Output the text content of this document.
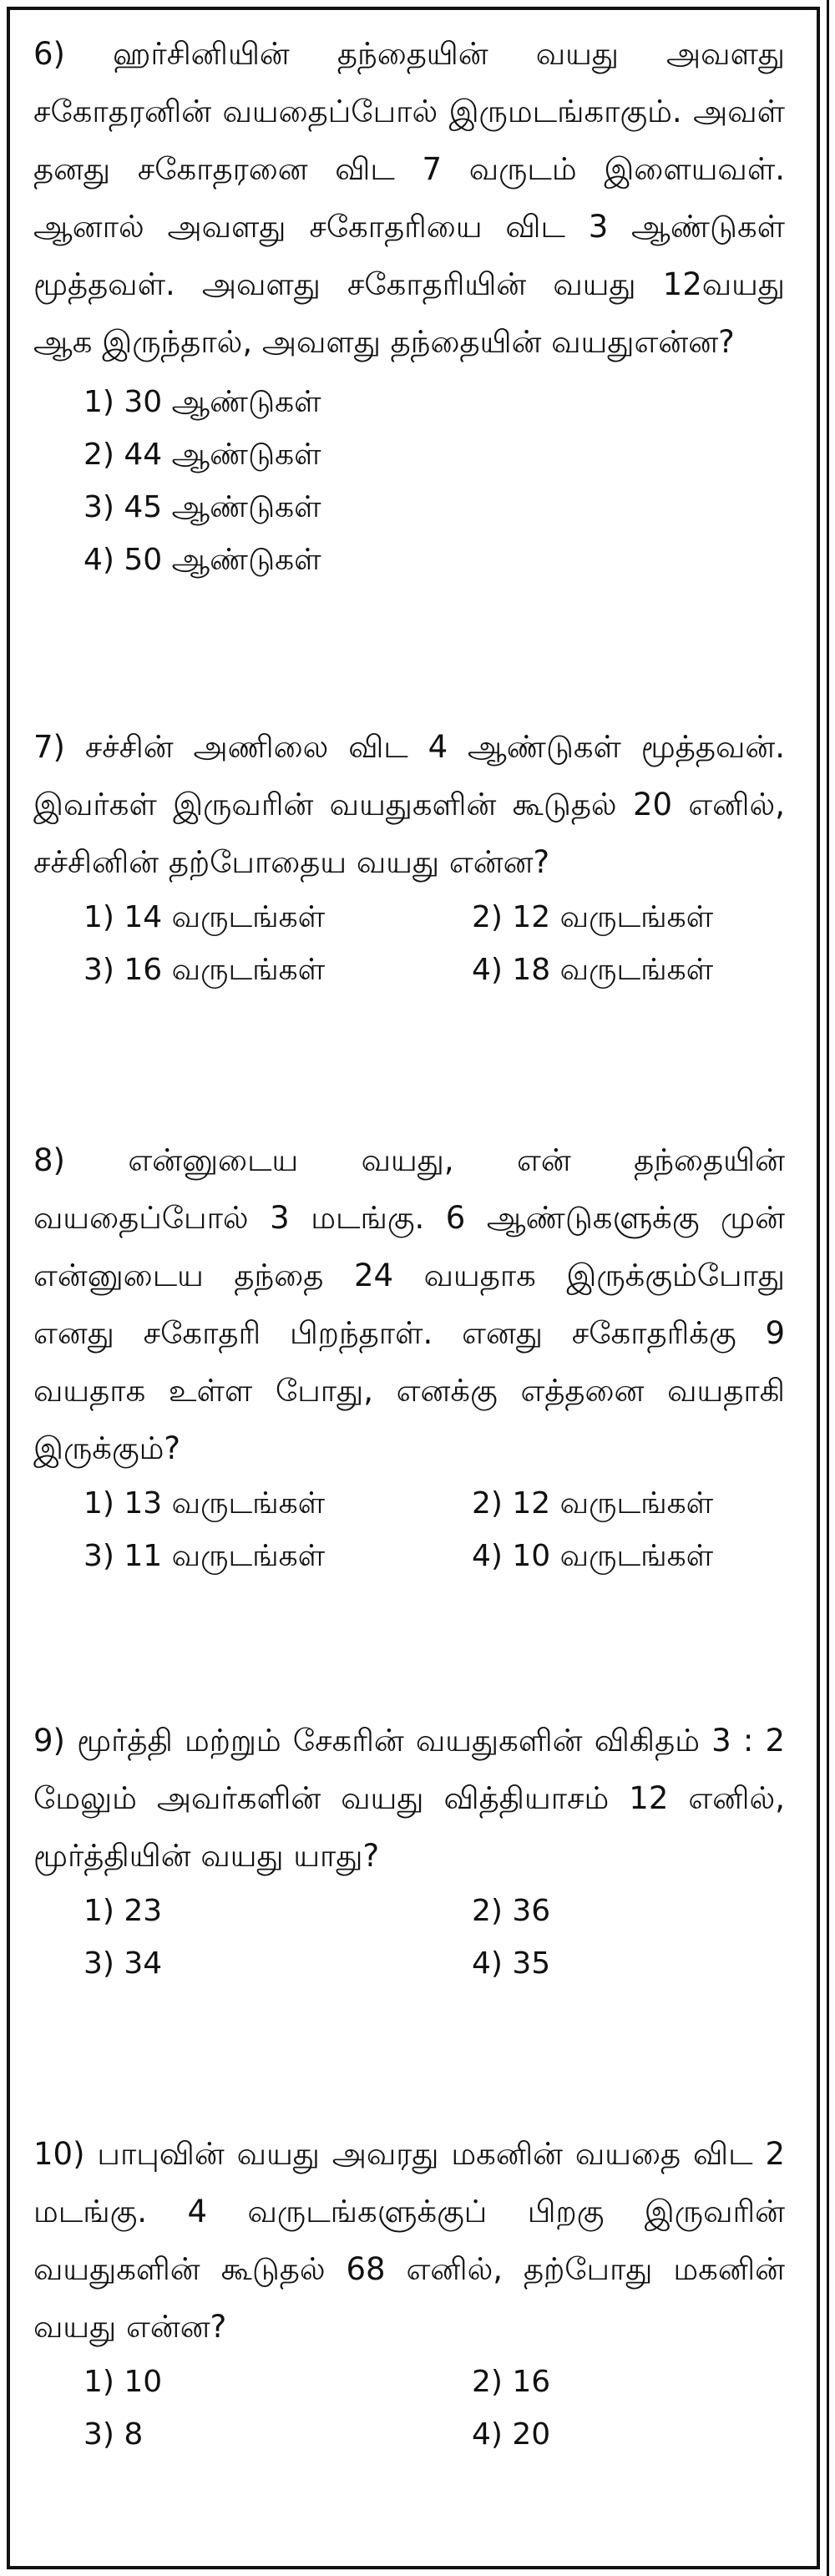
6) ஹர்சினியின் தந்தையின் வயது அவளது சகோதரனின் வயதைப்போல் இருமடங்காகும். அவள் தனது சகோதரனை விட 7 வருடம் இளையவள். ஆனால் அவளது சகோதரியை விட 3 ஆண்டுகள் மூத்தவள். அவளது சகோதரியின் வயது 12வயது ஆக இருந்தால், அவளது தந்தையின் வயதுஎன்ன?

1) 30 ஆண்டுகள்
2) 44 ஆண்டுகள்
3) 45 ஆண்டுகள்
4) 50 ஆண்டுகள்

7) சச்சின் அணிலை விட 4 ஆண்டுகள் மூத்தவன். இவர்கள் இருவரின் வயதுகளின் கூடுதல் 20 எனில், சச்சினின் தற்போதைய வயது என்ன?

1) 14 வருடங்கள்	2) 12 வருடங்கள்
3) 16 வருடங்கள்	4) 18 வருடங்கள்

8) என்னுடைய வயது, என் தந்தையின் வயதைப்போல் 3 மடங்கு. 6 ஆண்டுகளுக்கு முன் என்னுடைய தந்தை 24 வயதாக இருக்கும்போது எனது சகோதரி பிறந்தாள். எனது சகோதரிக்கு 9 வயதாக உள்ள போது, எனக்கு எத்தனை வயதாகி இருக்கும்?

1) 13 வருடங்கள்	2) 12 வருடங்கள்
3) 11 வருடங்கள்	4) 10 வருடங்கள்

9) மூர்த்தி மற்றும் சேகரின் வயதுகளின் விகிதம் 3 : 2 மேலும் அவர்களின் வயது வித்தியாசம் 12 எனில், மூர்த்தியின் வயது யாது?

1) 23	2) 36
3) 34	4) 35

10) பாபுவின் வயது அவரது மகனின் வயதை விட 2 மடங்கு. 4 வருடங்களுக்குப் பிறகு இருவரின் வயதுகளின் கூடுதல் 68 எனில், தற்போது மகனின் வயது என்ன?

1) 10	2) 16
3) 8	4) 20
